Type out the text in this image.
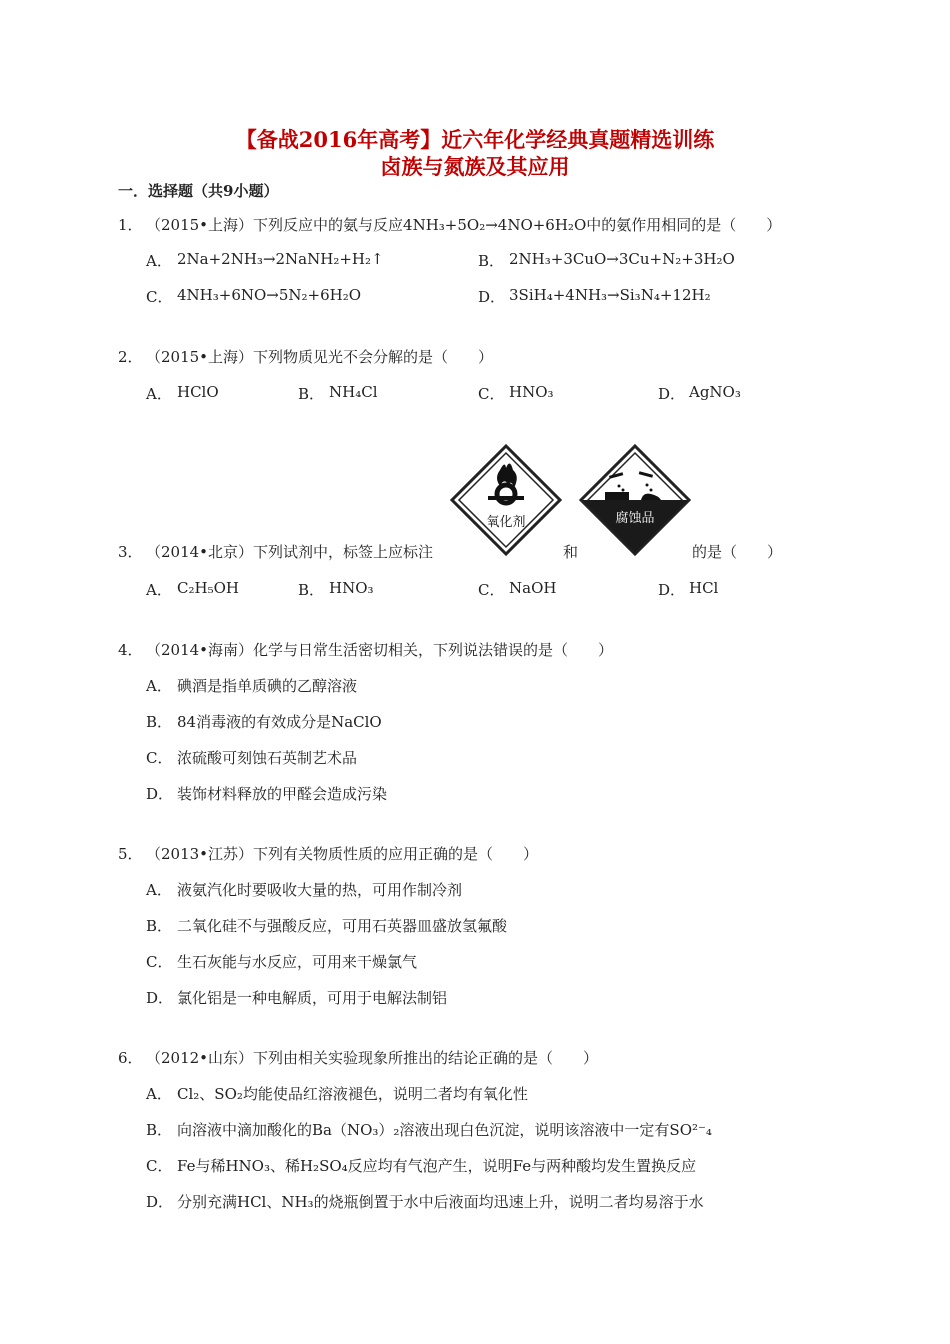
【备战2016年高考】近六年化学经典真题精选训练
卤族与氮族及其应用
一．选择题（共9小题）
1． （2015•上海）下列反应中的氨与反应4NH₃+5O₂→4NO+6H₂O中的氨作用相同的是（　　）
A． 2Na+2NH₃→2NaNH₂+H₂↑	B． 2NH₃+3CuO→3Cu+N₂+3H₂O
C． 4NH₃+6NO→5N₂+6H₂O	D． 3SiH₄+4NH₃→Si₃N₄+12H₂
2． （2015•上海）下列物质见光不会分解的是（　　）
A． HClO	B． NH₄Cl	C． HNO₃	D． AgNO₃
氧化剂	腐蚀品
3． （2014•北京）下列试剂中，标签上应标注	和	的是（　　）
A． C₂H₅OH	B． HNO₃	C． NaOH	D． HCl
4． （2014•海南）化学与日常生活密切相关，下列说法错误的是（　　）
A． 碘酒是指单质碘的乙醇溶液
B． 84消毒液的有效成分是NaClO
C． 浓硫酸可刻蚀石英制艺术品
D． 装饰材料释放的甲醛会造成污染
5． （2013•江苏）下列有关物质性质的应用正确的是（　　）
A． 液氨汽化时要吸收大量的热，可用作制冷剂
B． 二氧化硅不与强酸反应，可用石英器皿盛放氢氟酸
C． 生石灰能与水反应，可用来干燥氯气
D． 氯化铝是一种电解质，可用于电解法制铝
6． （2012•山东）下列由相关实验现象所推出的结论正确的是（　　）
A． Cl₂、SO₂均能使品红溶液褪色，说明二者均有氧化性
B． 向溶液中滴加酸化的Ba（NO₃）₂溶液出现白色沉淀，说明该溶液中一定有SO²⁻₄
C． Fe与稀HNO₃、稀H₂SO₄反应均有气泡产生，说明Fe与两种酸均发生置换反应
D． 分别充满HCl、NH₃的烧瓶倒置于水中后液面均迅速上升，说明二者均易溶于水
